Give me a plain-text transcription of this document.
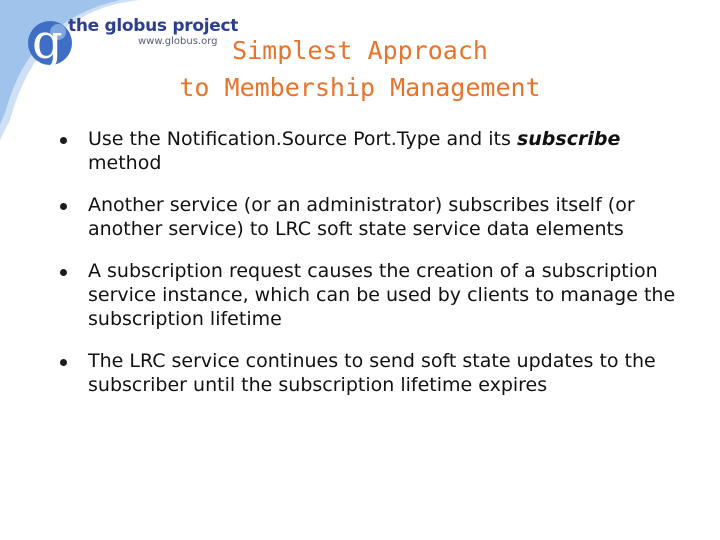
g the globus project
www.globus.org Simplest Approach
to Membership Management
Use the Notification.Source Port.Type and its subscribe method
Another service (or an administrator) subscribes itself (or another service) to LRC soft state service data elements
A subscription request causes the creation of a subscription service instance, which can be used by clients to manage the subscription lifetime
The LRC service continues to send soft state updates to the subscriber until the subscription lifetime expires
